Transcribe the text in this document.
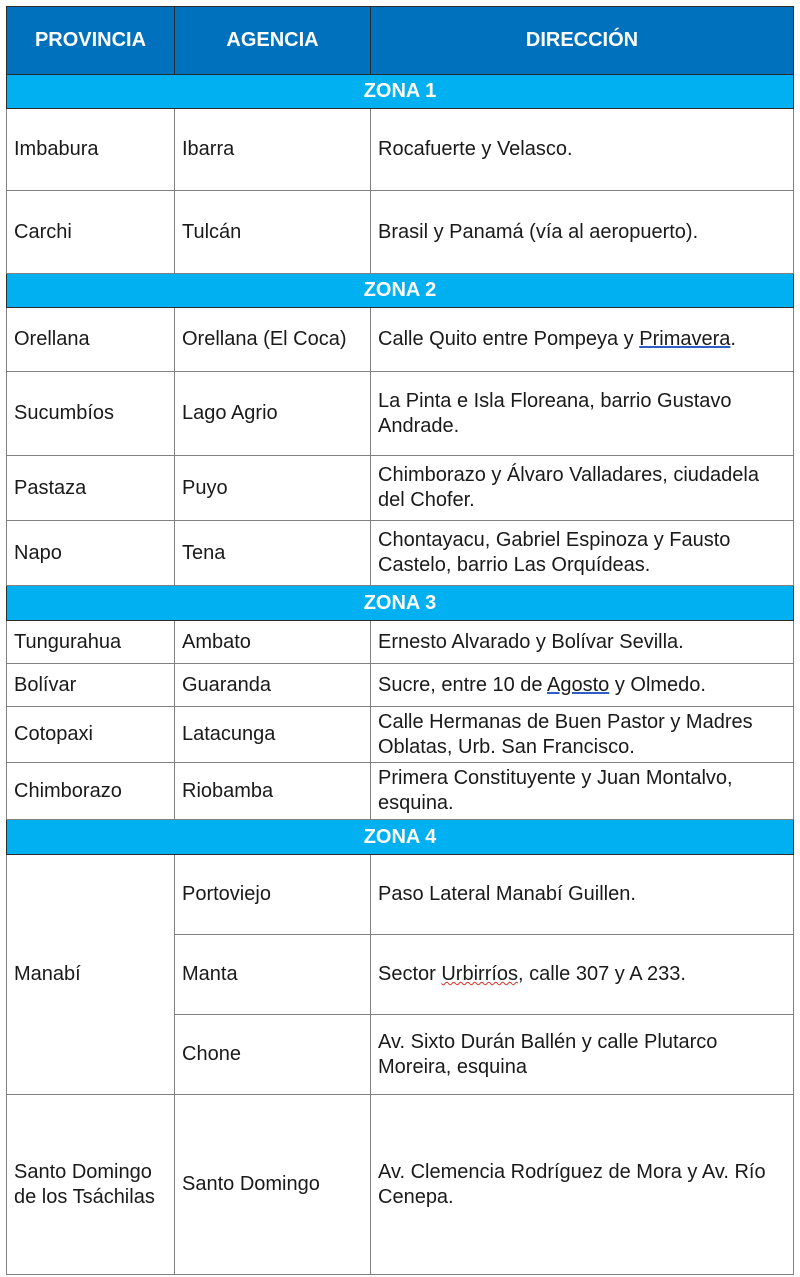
PROVINCIA	AGENCIA	DIRECCIÓN
ZONA 1		
Imbabura	Ibarra	Rocafuerte y Velasco.
Carchi	Tulcán	Brasil y Panamá (vía al aeropuerto).
ZONA 2		
Orellana	Orellana (El Coca)	Calle Quito entre Pompeya y Primavera.
Sucumbíos	Lago Agrio	La Pinta e Isla Floreana, barrio Gustavo Andrade.
Pastaza	Puyo	Chimborazo y Álvaro Valladares, ciudadela del Chofer.
Napo	Tena	Chontayacu, Gabriel Espinoza y Fausto Castelo, barrio Las Orquídeas.
ZONA 3		
Tungurahua	Ambato	Ernesto Alvarado y Bolívar Sevilla.
Bolívar	Guaranda	Sucre, entre 10 de Agosto y Olmedo.
Cotopaxi	Latacunga	Calle Hermanas de Buen Pastor y Madres Oblatas, Urb. San Francisco.
Chimborazo	Riobamba	Primera Constituyente y Juan Montalvo, esquina.
ZONA 4		
Manabí	Portoviejo	Paso Lateral Manabí Guillen.
	Manta	Sector Urbirríos, calle 307 y A 233.
	Chone	Av. Sixto Durán Ballén y calle Plutarco Moreira, esquina
Santo Domingo de los Tsáchilas	Santo Domingo	Av. Clemencia Rodríguez de Mora y Av. Río Cenepa.
